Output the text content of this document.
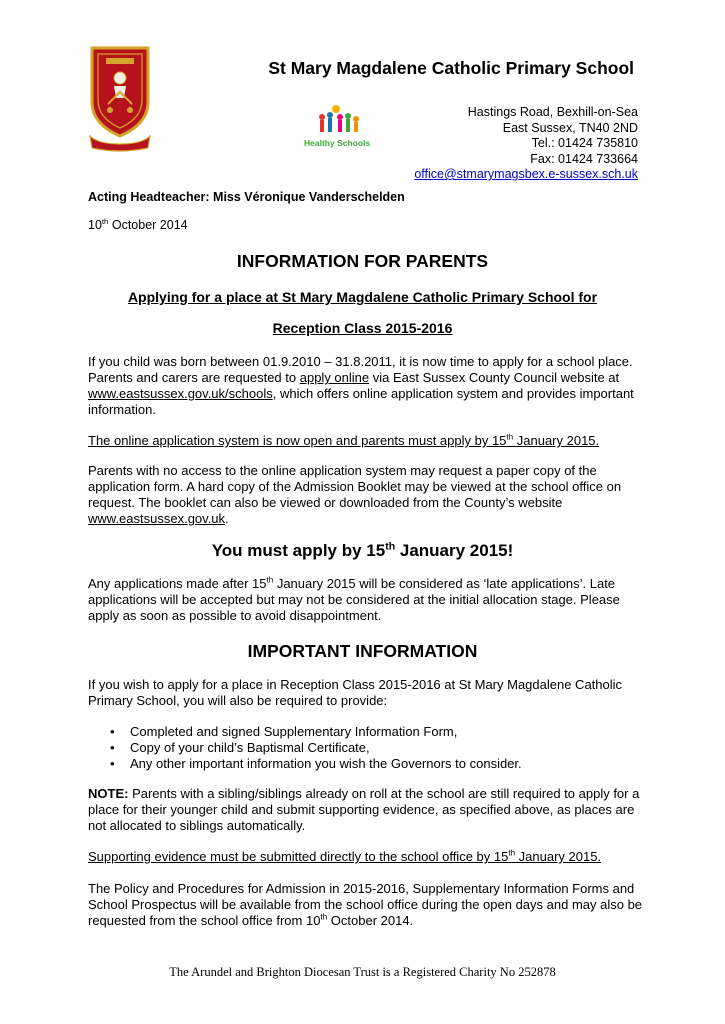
St Mary Magdalene Catholic Primary School
Healthy Schools
Hastings Road, Bexhill-on-Sea
East Sussex, TN40 2ND
Tel.: 01424 735810
Fax: 01424 733664
office@stmarymagsbex.e-sussex.sch.uk
Acting Headteacher: Miss Véronique Vanderschelden
10th October 2014
INFORMATION FOR PARENTS
Applying for a place at St Mary Magdalene Catholic Primary School for
Reception Class 2015-2016
If you child was born between 01.9.2010 – 31.8.2011, it is now time to apply for a school place. Parents and carers are requested to apply online via East Sussex County Council website at www.eastsussex.gov.uk/schools, which offers online application system and provides important information.
The online application system is now open and parents must apply by 15th January 2015.
Parents with no access to the online application system may request a paper copy of the application form. A hard copy of the Admission Booklet may be viewed at the school office on request. The booklet can also be viewed or downloaded from the County’s website www.eastsussex.gov.uk.
You must apply by 15th January 2015!
Any applications made after 15th January 2015 will be considered as ‘late applications’. Late applications will be accepted but may not be considered at the initial allocation stage. Please apply as soon as possible to avoid disappointment.
IMPORTANT INFORMATION
If you wish to apply for a place in Reception Class 2015-2016 at St Mary Magdalene Catholic Primary School, you will also be required to provide:
• Completed and signed Supplementary Information Form,
• Copy of your child’s Baptismal Certificate,
• Any other important information you wish the Governors to consider.
NOTE: Parents with a sibling/siblings already on roll at the school are still required to apply for a place for their younger child and submit supporting evidence, as specified above, as places are not allocated to siblings automatically.
Supporting evidence must be submitted directly to the school office by 15th January 2015.
The Policy and Procedures for Admission in 2015-2016, Supplementary Information Forms and School Prospectus will be available from the school office during the open days and may also be requested from the school office from 10th October 2014.
The Arundel and Brighton Diocesan Trust is a Registered Charity No 252878
